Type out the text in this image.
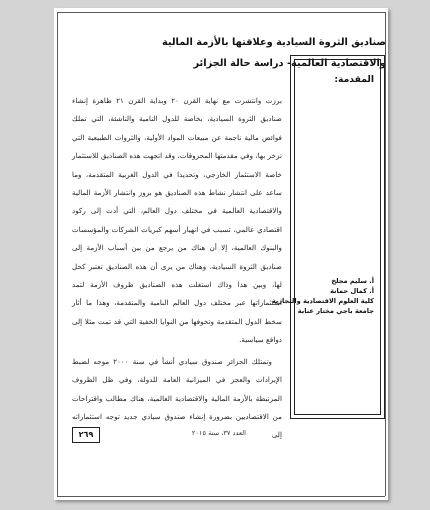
صناديق الثروة السيادية وعلاقتها بالأزمة المالية والاقتصادية العالمية- دراسة حالة الجزائر
المقدمة:

برزت وانتشرت مع نهاية القرن ٢٠ وبداية القرن ٢١ ظاهرة إنشاء صناديق الثروة السيادية، بخاصة للدول النامية والناشئة، التي تملك فوائض مالية ناجمة عن مبيعات المواد الأولية، والثروات الطبيعية التي تزخر بها، وفي مقدمتها المحروقات، وقد اتجهت هذه الصناديق للاستثمار خاصة الاستثمار الخارجي، وتحديدا في الدول الغربية المتقدمة، وما ساعد على انتشار نشاط هذه الصناديق هو بروز وانتشار الأزمة المالية والاقتصادية العالمية في مختلف دول العالم، التي أدت إلى ركود اقتصادي عالمي، تسبب في انهيار أسهم كبريات الشركات والمؤسسات والبنوك العالمية، إلا أن هناك من يرجع من بين أسباب الأزمة إلى صناديق الثروة السيادية، وهناك من يرى أن هذه الصناديق تعتبر كحل لها، وبين هذا وذاك استغلت هذه الصناديق ظروف الأزمة لتمد استثماراتها عبر مختلف دول العالم النامية والمتقدمة، وهذا ما أثار سخط الدول المتقدمة وتخوفها من النوايا الخفية التي قد تمت مثلا إلى دوافع سياسية.

وتمتلك الجزائر صندوق سيادي أنشأ في سنة ٢٠٠٠ موجه لضبط الإيرادات والعجز في الميزانية العامة للدولة، وفي ظل الظروف المرتبطة بالأزمة المالية والاقتصادية العالمية، هناك مطالب واقتراحات من الاقتصاديين بضرورة إنشاء صندوق سيادي جديد توجه استثماراته إلى

أ. سليم مجلخ
أ. كمال حمانة
كلية العلوم الاقتصادية والتجارية
جامعة باجي مختار عنابة
٢٦٩	العدد ٣٧، سنة ٢٠١٥
